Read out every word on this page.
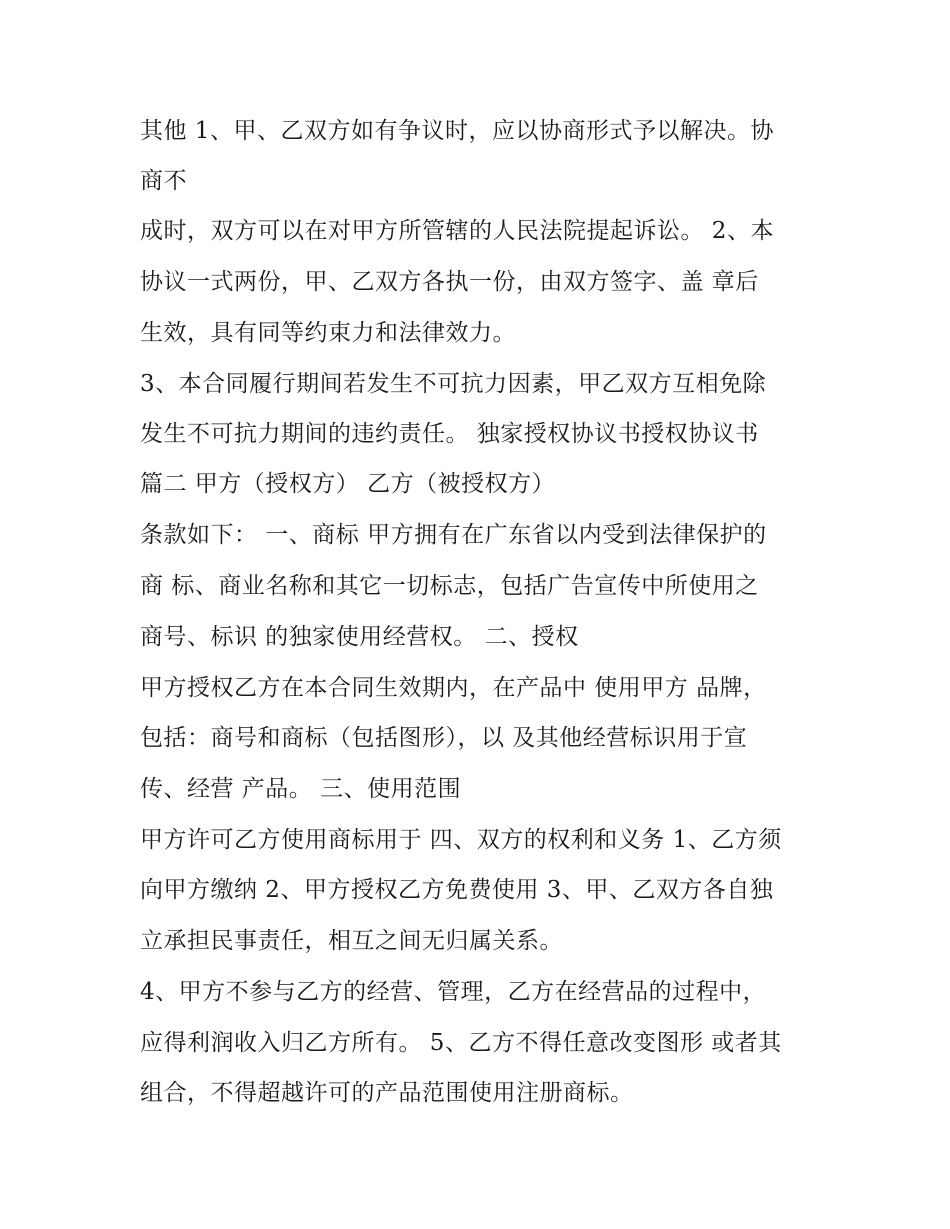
其他 1、甲、乙双方如有争议时，应以协商形式予以解决。协

商不

成时，双方可以在对甲方所管辖的人民法院提起诉讼。 2、本

协议一式两份，甲、乙双方各执一份，由双方签字、盖 章后

生效，具有同等约束力和法律效力。

3、本合同履行期间若发生不可抗力因素，甲乙双方互相免除

发生不可抗力期间的违约责任。 独家授权协议书授权协议书

篇二 甲方（授权方） 乙方（被授权方）

条款如下： 一、商标 甲方拥有在广东省以内受到法律保护的

商 标、商业名称和其它一切标志，包括广告宣传中所使用之

商号、标识 的独家使用经营权。 二、授权

甲方授权乙方在本合同生效期内，在产品中 使用甲方 品牌，

包括：商号和商标（包括图形），以 及其他经营标识用于宣

传、经营 产品。 三、使用范围

甲方许可乙方使用商标用于 四、双方的权利和义务 1、乙方须

向甲方缴纳 2、甲方授权乙方免费使用 3、甲、乙双方各自独

立承担民事责任，相互之间无归属关系。

4、甲方不参与乙方的经营、管理，乙方在经营品的过程中，

应得利润收入归乙方所有。 5、乙方不得任意改变图形 或者其

组合，不得超越许可的产品范围使用注册商标。
